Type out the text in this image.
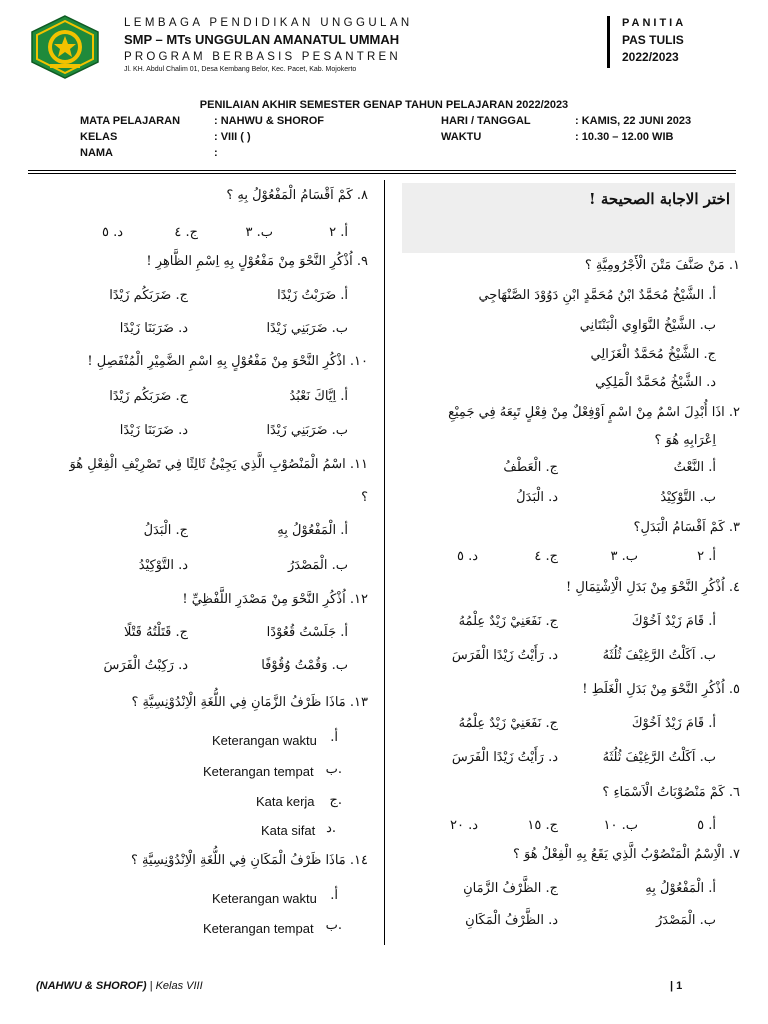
LEMBAGA PENDIDIKAN UNGGULAN
SMP – MTs UNGGULAN AMANATUL UMMAH
PROGRAM BERBASIS PESANTREN
Jl. KH. Abdul Chalim 01, Desa Kembang Belor, Kec. Pacet, Kab. Mojokerto
PANITIA
PAS TULIS
2022/2023
PENILAIAN AKHIR SEMESTER GENAP TAHUN PELAJARAN 2022/2023
MATA PELAJARAN	: NAHWU & SHOROF
KELAS	: VIII ( )
NAMA	:
HARI / TANGGAL	: KAMIS, 22 JUNI 2023
WAKTU	: 10.30 – 12.00 WIB
اختر الاجابة الصحيحة !
١. مَنْ صَنَّفَ مَتْنَ الْأَجْرُومِيَّةِ ؟
أ. الشَّيْخُ مُحَمَّدٌ ابْنُ مُحَمَّدٍ ابْنِ دَوُوْدَ الصَّنْهَاجِي
ب. الشَّيْخُ النَّوَاوِي الْبَنْتَانِي
ج. الشَّيْخُ مُحَمَّدٌ الْغَزَالِي
د. الشَّيْخُ مُحَمَّدٌ الْمَلِكِي
٢. اذَا أُبْدِلَ اسْمٌ مِنْ اسْمٍ اَوْفِعْلٌ مِنْ فِعْلٍ تَبِعَهُ فِي جَمِيْعِ
اِعْرَابِهِ هُوَ ؟
أ. النَّعْتُ
ج. الْعَطْفُ
ب. التَّوْكِيْدُ
د. الْبَدَلُ
٣. كَمْ اَقْسَامُ الْبَدَلِ؟
أ. ٢
ب. ٣
ج. ٤
د. ٥
٤. اُذْكُرِ النَّحْوَ مِنْ بَدَلِ الْاِشْتِمَالِ !
أ. قَامَ زَيْدٌ اَخُوْكَ
ج. نَفَعَنِيْ زَيْدٌ عِلْمُهُ
ب. اَكَلْتُ الرَّغِيْفَ ثُلُثَهُ
د. رَأَيْتُ زَيْدًا الْفَرَسَ
٥. اُذْكُرِ النَّحْوَ مِنْ بَدَلِ الْغَلَطِ !
أ. قَامَ زَيْدٌ اَخُوْكَ
ج. نَفَعَنِيْ زَيْدٌ عِلْمُهُ
ب. اَكَلْتُ الرَّغِيْفَ ثُلُثَهُ
د. رَأَيْتُ زَيْدًا الْفَرَسَ
٦. كَمْ مَنْصُوْبَاتُ الْاَسْمَاءِ ؟
أ. ٥
ب. ١٠
ج. ١٥
د. ٢٠
٧. الْاِسْمُ الْمَنْصُوْبُ الَّذِي يَقَعُ بِهِ الْفِعْلُ هُوَ ؟
أ. الْمَفْعُوْلُ بِهِ
ج. الظَّرْفُ الزَّمَانِ
ب. الْمَصْدَرُ
د. الظَّرْفُ الْمَكَانِ
٨. كَمْ اَقْسَامُ الْمَفْعُوْلُ بِهِ ؟
أ. ٢
ب. ٣
ج. ٤
د. ٥
٩. اُذْكُرِ النَّحْوَ مِنْ مَفْعُوْلٍ بِهِ اِسْمِ الظَّاهِرِ !
أ. ضَرَبْتُ زَيْدًا
ج. ضَرَبَكُم زَيْدًا
ب. ضَرَبَنِي زَيْدًا
د. ضَرَبَنَا زَيْدًا
١٠. اذْكُرِ النَّحْوَ مِنْ مَفْعُوْلٍ بِهِ اسْمِ الضَّمِيْرِ الْمُنْفَصِلِ !
أ. اِيَّاكَ نَعْبُدُ
ج. ضَرَبَكُم زَيْدًا
ب. ضَرَبَنِي زَيْدًا
د. ضَرَبَنَا زَيْدًا
١١. اسْمُ الْمَنْصُوْبِ الَّذِي يَجِيْئُ ثَالِثًا فِي تَصْرِيْفِ الْفِعْلِ هُوَ
؟
أ. الْمَفْعُوْلُ بِهِ
ج. الْبَدَلُ
ب. الْمَصْدَرُ
د. التَّوْكِيْدُ
١٢. اُذْكُرِ النَّحْوَ مِنْ مَصْدَرِ اللَّفْظِيِّ !
أ. جَلَسْتُ قُعُوْدًا
ج. قَتَلْتُهُ قَتْلًا
ب. وَقُمْتُ وُقُوْفًا
د. رَكِبْتُ الْفَرَسَ
١٣. مَاذَا ظَرْفُ الزَّمَانِ فِي اللُّغَةِ الْاِنْدُوْنِسِيَّةِ ؟
أ.
Keterangan waktu
.ب
Keterangan tempat
.ج
Kata kerja
.د
Kata sifat
١٤. مَاذَا ظَرْفُ الْمَكَانِ فِي اللُّغَةِ الْاِنْدُوْنِسِيَّةِ ؟
أ.
Keterangan waktu
.ب
Keterangan tempat
(NAHWU & SHOROF) | Kelas VIII	| 1
